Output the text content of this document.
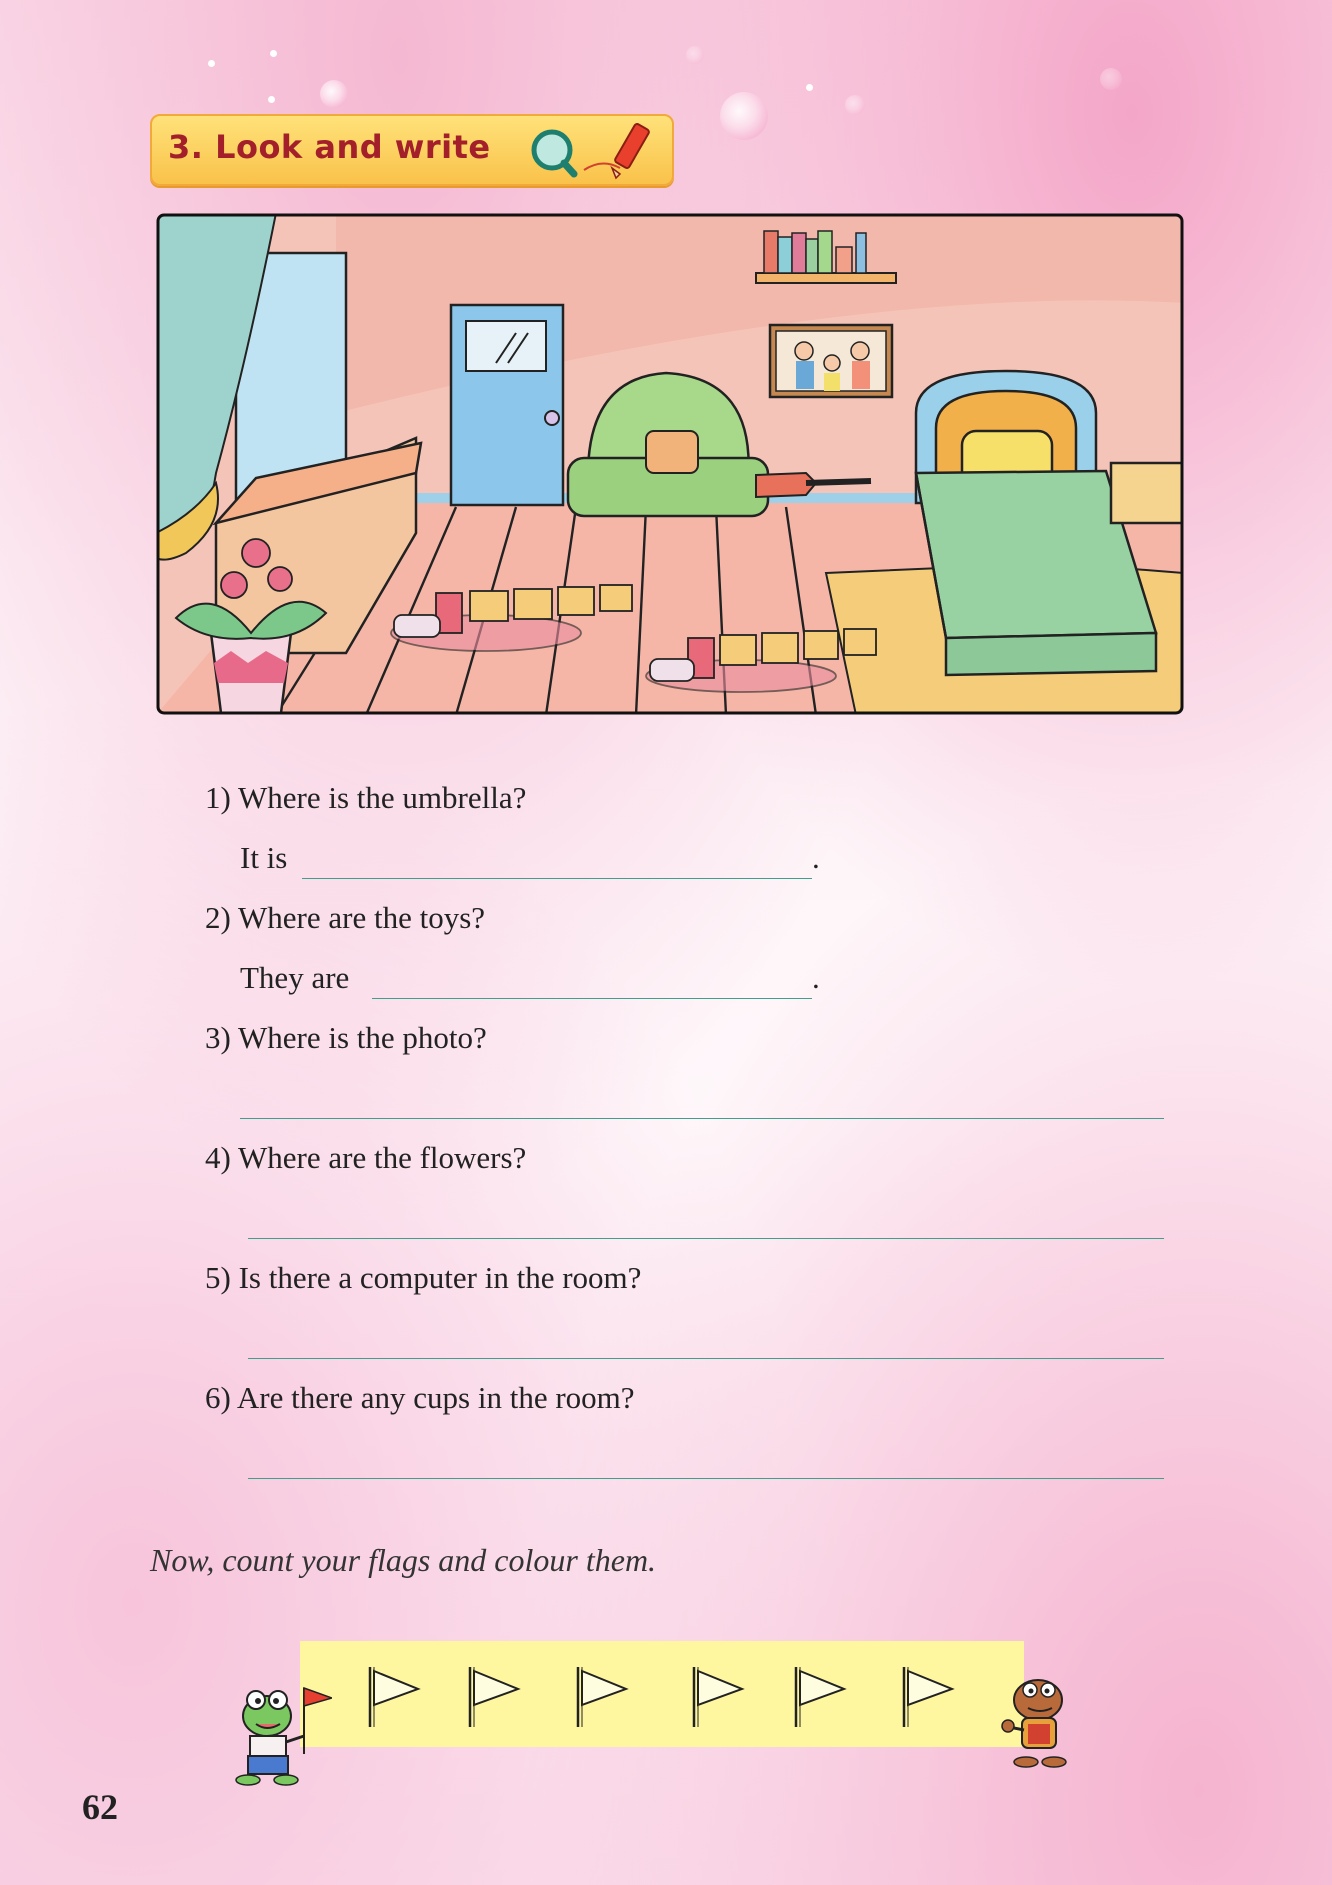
3. Look and write
1) Where is the umbrella?
It is	.
2) Where are the toys?
They are	.
3) Where is the photo?
4) Where are the flowers?
5) Is there a computer in the room?
6) Are there any cups in the room?
Now, count your flags and colour them.
62
